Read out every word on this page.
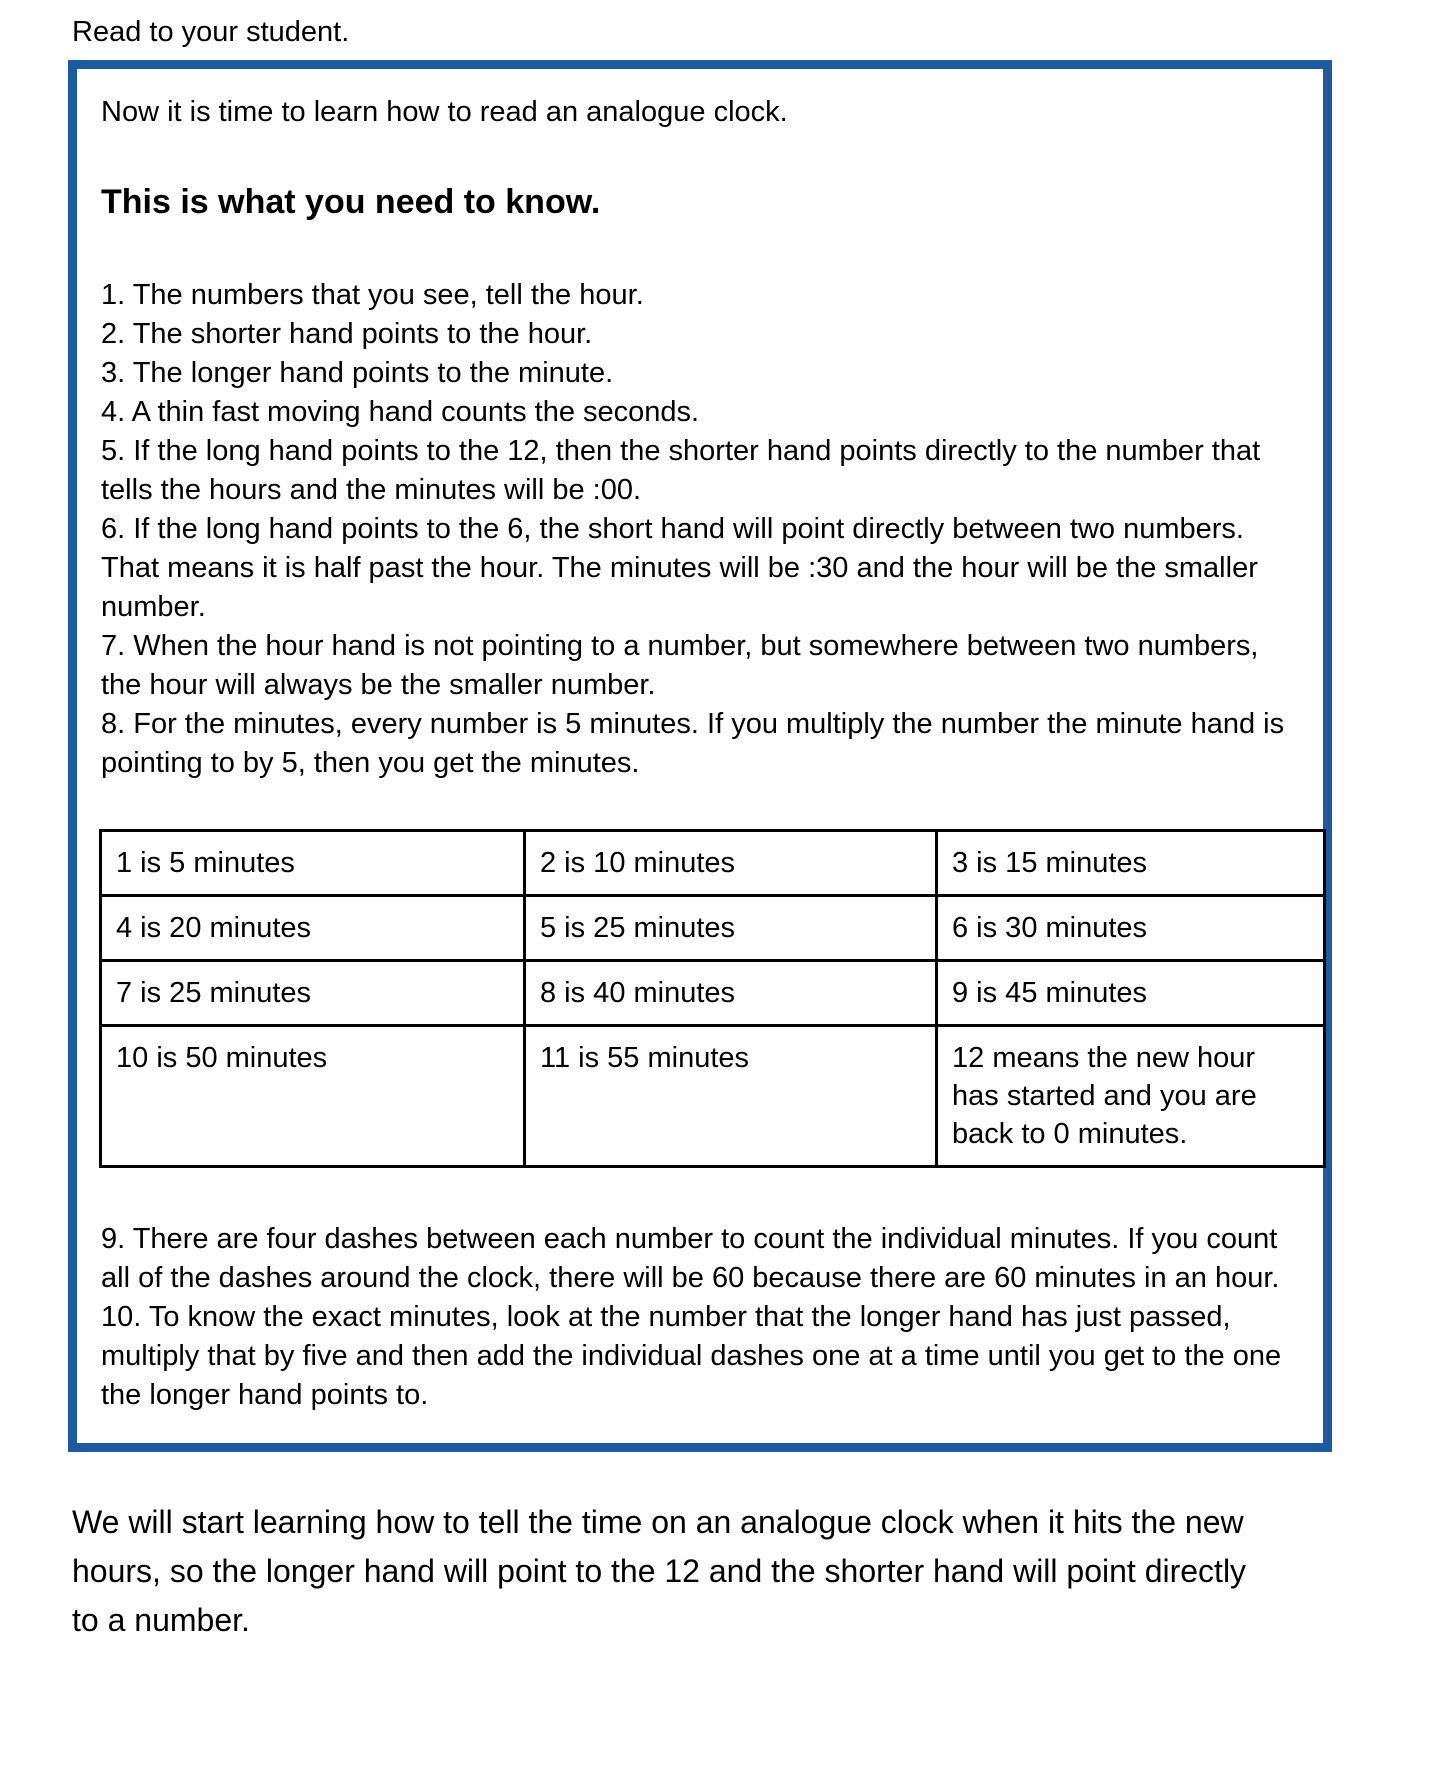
Read to your student.

Now it is time to learn how to read an analogue clock.

This is what you need to know.

1. The numbers that you see, tell the hour.

2. The shorter hand points to the hour.

3. The longer hand points to the minute.

4. A thin fast moving hand counts the seconds.

5. If the long hand points to the 12, then the shorter hand points directly to the number that tells the hours and the minutes will be :00.

6. If the long hand points to the 6, the short hand will point directly between two numbers. That means it is half past the hour. The minutes will be :30 and the hour will be the smaller number.

7. When the hour hand is not pointing to a number, but somewhere between two numbers, the hour will always be the smaller number.

8. For the minutes, every number is 5 minutes. If you multiply the number the minute hand is pointing to by 5, then you get the minutes.

1 is 5 minutes	2 is 10 minutes	3 is 15 minutes
4 is 20 minutes	5 is 25 minutes	6 is 30 minutes
7 is 25 minutes	8 is 40 minutes	9 is 45 minutes
10 is 50 minutes	11 is 55 minutes	12 means the new hour has started and you are back to 0 minutes.

9. There are four dashes between each number to count the individual minutes. If you count all of the dashes around the clock, there will be 60 because there are 60 minutes in an hour.

10. To know the exact minutes, look at the number that the longer hand has just passed, multiply that by five and then add the individual dashes one at a time until you get to the one the longer hand points to.

We will start learning how to tell the time on an analogue clock when it hits the new hours, so the longer hand will point to the 12 and the shorter hand will point directly to a number.
